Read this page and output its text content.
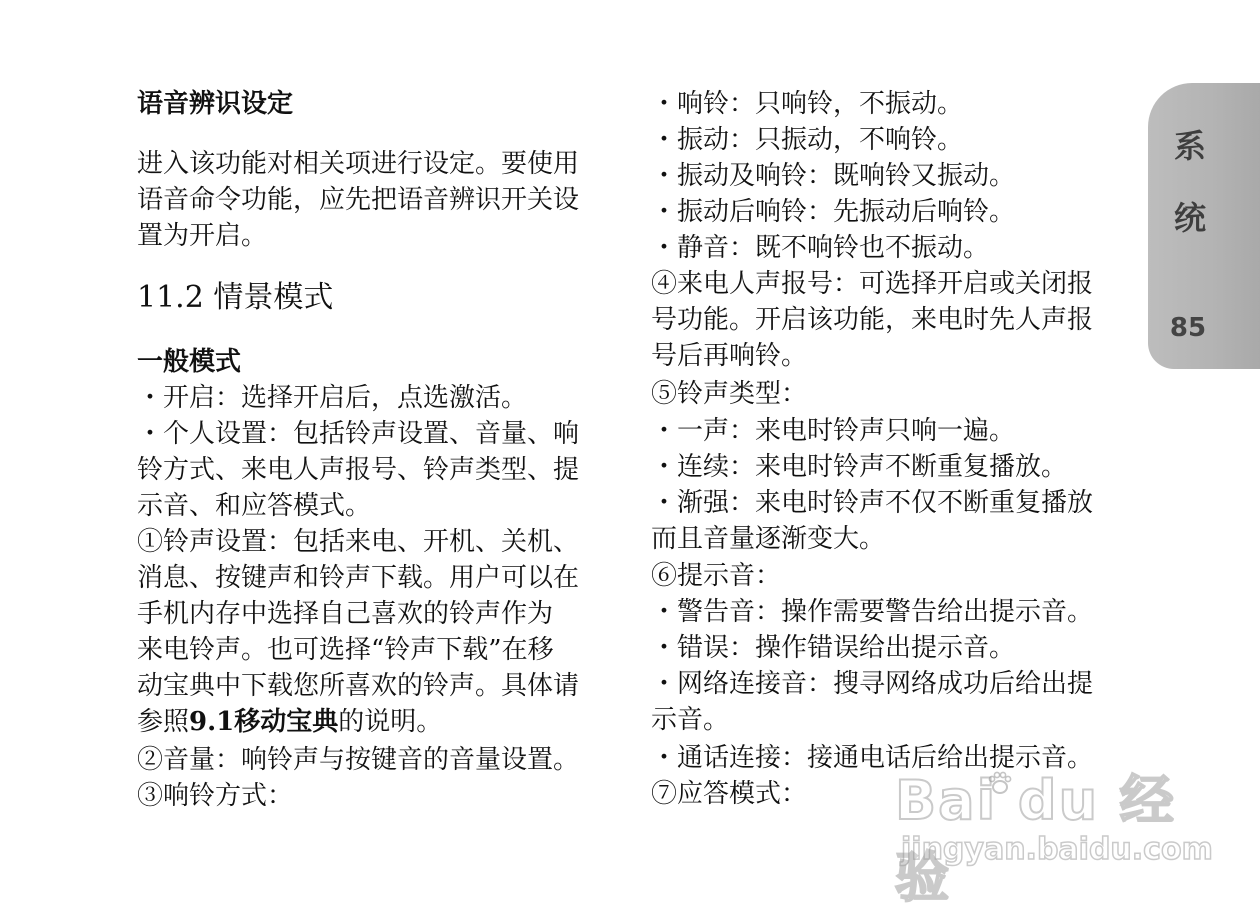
语音辨识设定
进入该功能对相关项进行设定。要使用
语音命令功能，应先把语音辨识开关设
置为开启。
11.2 情景模式
一般模式
・开启：选择开启后，点选激活。
・个人设置：包括铃声设置、音量、响
铃方式、来电人声报号、铃声类型、提
示音、和应答模式。
①铃声设置：包括来电、开机、关机、
消息、按键声和铃声下载。用户可以在
手机内存中选择自己喜欢的铃声作为
来电铃声。也可选择“铃声下载”在移
动宝典中下载您所喜欢的铃声。具体请
参照9.1移动宝典的说明。
②音量：响铃声与按键音的音量设置。
③响铃方式：
・响铃：只响铃，不振动。
・振动：只振动，不响铃。
・振动及响铃：既响铃又振动。
・振动后响铃：先振动后响铃。
・静音：既不响铃也不振动。
④来电人声报号：可选择开启或关闭报
号功能。开启该功能，来电时先人声报
号后再响铃。
⑤铃声类型：
・一声：来电时铃声只响一遍。
・连续：来电时铃声不断重复播放。
・渐强：来电时铃声不仅不断重复播放
而且音量逐渐变大。
⑥提示音：
・警告音：操作需要警告给出提示音。
・错误：操作错误给出提示音。
・网络连接音：搜寻网络成功后给出提
示音。
・通话连接：接通电话后给出提示音。
⑦应答模式：
系
统
85
Bai du 经验
jingyan.baidu.com
